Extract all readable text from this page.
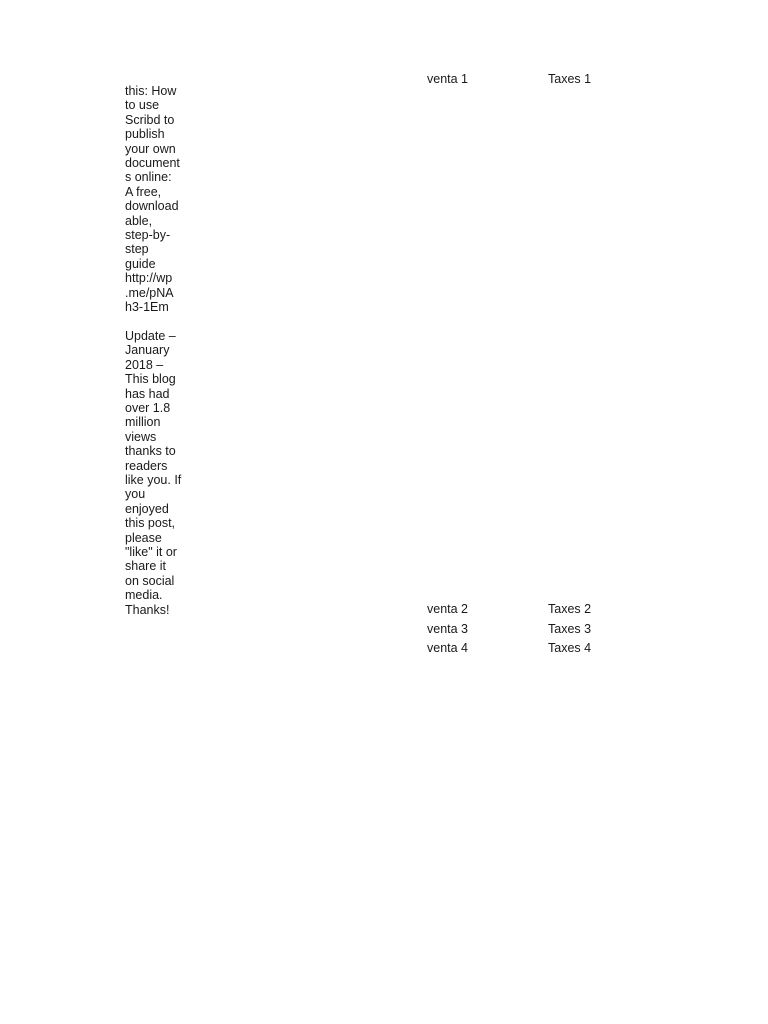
venta 1	Taxes 1
this: How
to use
Scribd to
publish
your own
document
s online:
A free,
download
able,
step-by-
step
guide
http://wp
.me/pNA
h3-1Em

Update –
January
2018 –
This blog
has had
over 1.8
million
views
thanks to
readers
like you. If
you
enjoyed
this post,
please
"like" it or
share it
on social
media.
Thanks!	venta 2	Taxes 2
venta 3	Taxes 3
venta 4	Taxes 4
